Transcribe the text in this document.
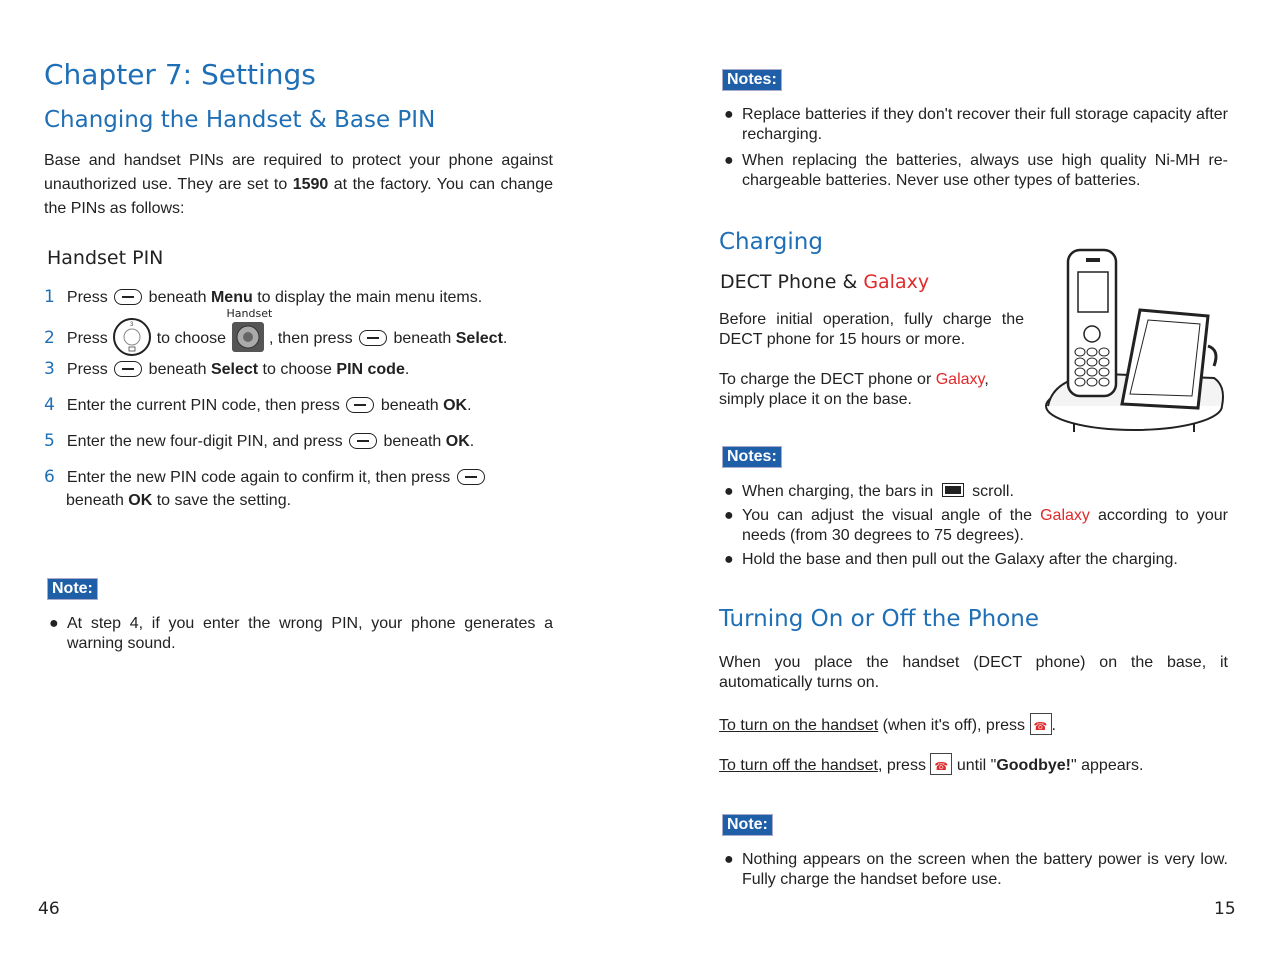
Chapter 7: Settings
Changing the Handset & Base PIN
Base and handset PINs are required to protect your phone against unauthorized use. They are set to 1590 at the factory. You can change the PINs as follows:
Handset PIN
1 Press  beneath Menu to display the main menu items.
2 Press
3
to choose
Handset
, then press  beneath Select.
3 Press  beneath Select to choose PIN code.
4 Enter the current PIN code, then press  beneath OK.
5 Enter the new four-digit PIN, and press  beneath OK.
6 Enter the new PIN code again to confirm it, then press
beneath OK to save the setting.
Note:
● At step 4, if you enter the wrong PIN, your phone generates a warning sound.
46
Notes:
● Replace batteries if they don't recover their full storage capacity after recharging.
● When replacing the batteries, always use high quality Ni-MH re-chargeable batteries. Never use other types of batteries.
Charging
DECT Phone & Galaxy
Before initial operation, fully charge the DECT phone for 15 hours or more.
To charge the DECT phone or Galaxy, simply place it on the base.
Notes:
● When charging, the bars in
scroll.
● You can adjust the visual angle of the Galaxy according to your needs (from 30 degrees to 75 degrees).
● Hold the base and then pull out the Galaxy after the charging.
Turning On or Off the Phone
When you place the handset (DECT phone) on the base, it automatically turns on.
To turn on the handset (when it's off), press ☎ .
To turn off the handset, press ☎ until "Goodbye!" appears.
Note:
● Nothing appears on the screen when the battery power is very low. Fully charge the handset before use.
15
